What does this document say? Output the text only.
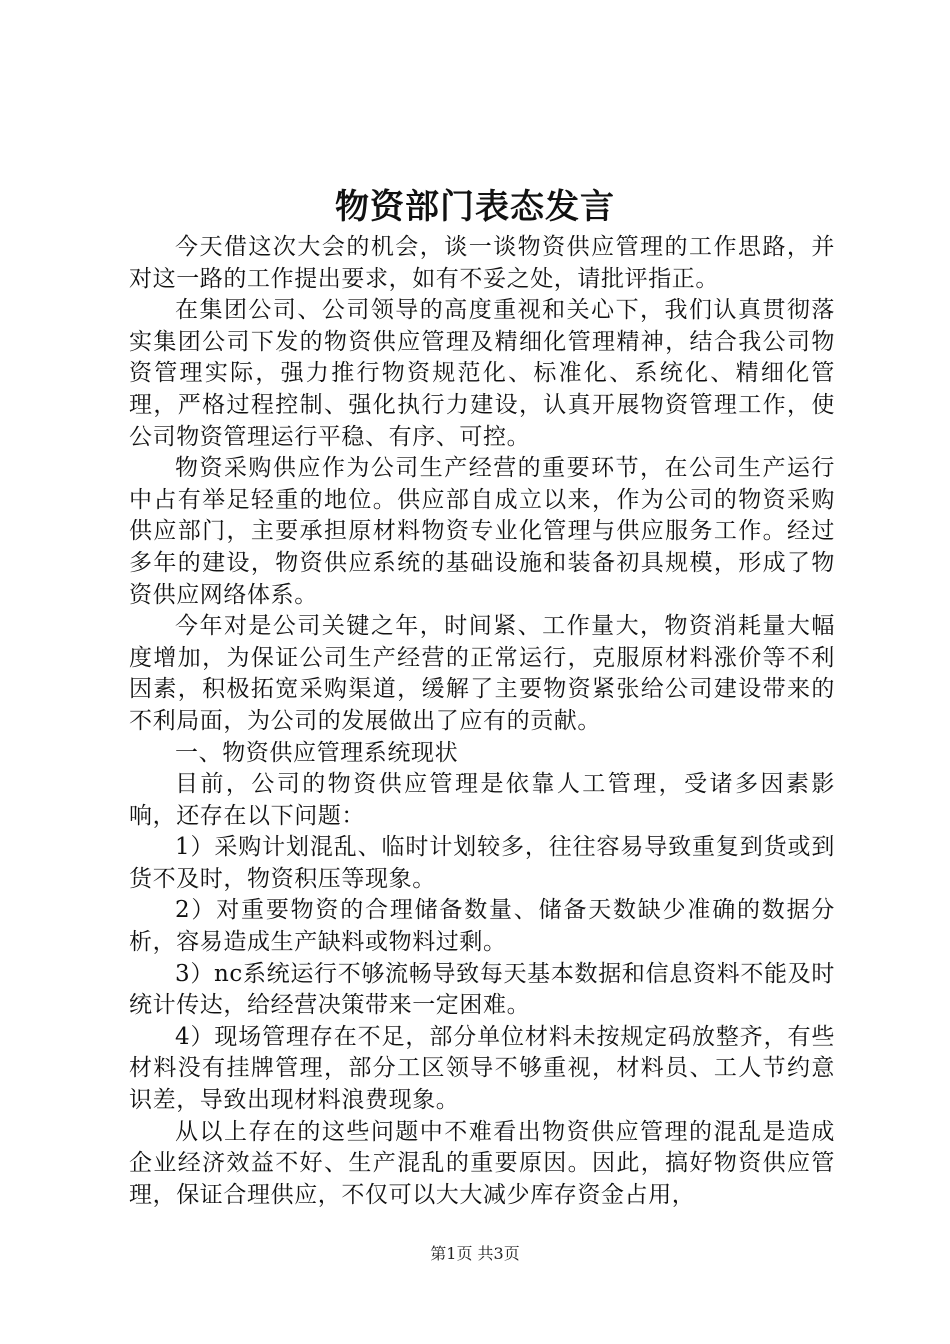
物资部门表态发言

今天借这次大会的机会，谈一谈物资供应管理的工作思路，并对这一路的工作提出要求，如有不妥之处，请批评指正。

在集团公司、公司领导的高度重视和关心下，我们认真贯彻落实集团公司下发的物资供应管理及精细化管理精神，结合我公司物资管理实际，强力推行物资规范化、标准化、系统化、精细化管理，严格过程控制、强化执行力建设，认真开展物资管理工作，使公司物资管理运行平稳、有序、可控。

物资采购供应作为公司生产经营的重要环节，在公司生产运行中占有举足轻重的地位。供应部自成立以来，作为公司的物资采购供应部门，主要承担原材料物资专业化管理与供应服务工作。经过多年的建设，物资供应系统的基础设施和装备初具规模，形成了物资供应网络体系。

今年对是公司关键之年，时间紧、工作量大，物资消耗量大幅度增加，为保证公司生产经营的正常运行，克服原材料涨价等不利因素，积极拓宽采购渠道，缓解了主要物资紧张给公司建设带来的不利局面，为公司的发展做出了应有的贡献。

一、物资供应管理系统现状

目前，公司的物资供应管理是依靠人工管理，受诸多因素影响，还存在以下问题：

1）采购计划混乱、临时计划较多，往往容易导致重复到货或到货不及时，物资积压等现象。

2）对重要物资的合理储备数量、储备天数缺少准确的数据分析，容易造成生产缺料或物料过剩。

3）nc系统运行不够流畅导致每天基本数据和信息资料不能及时统计传达，给经营决策带来一定困难。

4）现场管理存在不足，部分单位材料未按规定码放整齐，有些材料没有挂牌管理，部分工区领导不够重视，材料员、工人节约意识差，导致出现材料浪费现象。

从以上存在的这些问题中不难看出物资供应管理的混乱是造成企业经济效益不好、生产混乱的重要原因。因此，搞好物资供应管理，保证合理供应，不仅可以大大减少库存资金占用，

第1页 共3页
